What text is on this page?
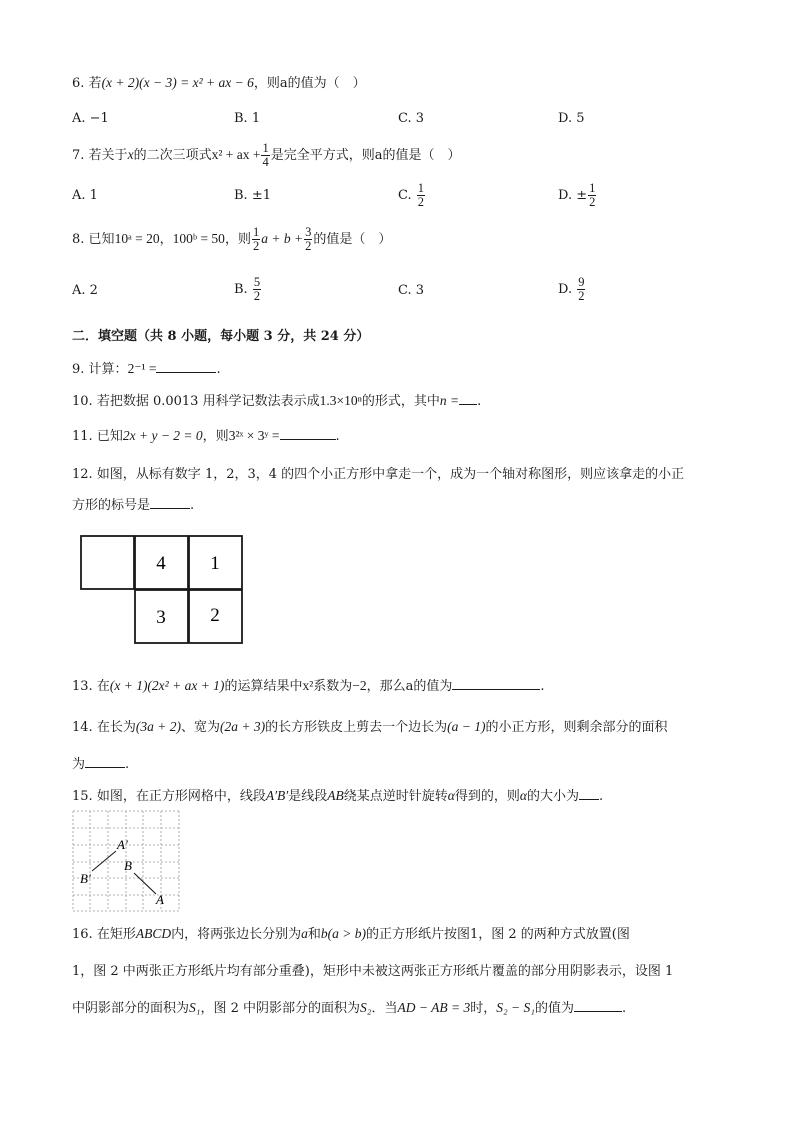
6. 若(x + 2)(x − 3) = x² + ax − 6，则a的值为（　）
A. −1	B. 1	C. 3	D. 5
7. 若关于x的二次三项式x² + ax + $\frac{1}{4}$ 是完全平方式，则a的值是（　）
A. 1	B. ±1	C. $\frac{1}{2}$	D. ± $\frac{1}{2}$
8. 已知10ᵃ = 20，100ᵇ = 50，则 $\frac{1}{2}$ $a + b + \frac{3}{2}$ 的值是（　）
A. 2	B. $\frac{5}{2}$	C. 3	D. $\frac{9}{2}$
二．填空题（共 8 小题，每小题 3 分，共 24 分）
9. 计算：2⁻¹ =	.
10. 若把数据 0.0013 用科学记数法表示成1.3×10ⁿ的形式，其中n = .
11. 已知2x + y − 2 = 0，则3²ˣ × 3ʸ =	.
12. 如图，从标有数字 1，2，3，4 的四个小正方形中拿走一个，成为一个轴对称图形，则应该拿走的小正
方形的标号是	.
4 1
3 2
13. 在(x + 1)(2x² + ax + 1)的运算结果中x²系数为−2，那么a的值为	.
14. 在长为(3a + 2)、宽为(2a + 3)的长方形铁皮上剪去一个边长为(a − 1)的小正方形，则剩余部分的面积
为	.
15. 如图，在正方形网格中，线段A′B′是线段AB绕某点逆时针旋转α得到的，则α的大小为 .
A′
B′
B
A
16. 在矩形ABCD内，将两张边长分别为a和b(a > b)的正方形纸片按图1，图 2 的两种方式放置(图
1，图 2 中两张正方形纸片均有部分重叠)，矩形中未被这两张正方形纸片覆盖的部分用阴影表示，设图 1
中阴影部分的面积为S₁，图 2 中阴影部分的面积为S₂．当AD − AB = 3时，S₂ − S₁的值为	.
